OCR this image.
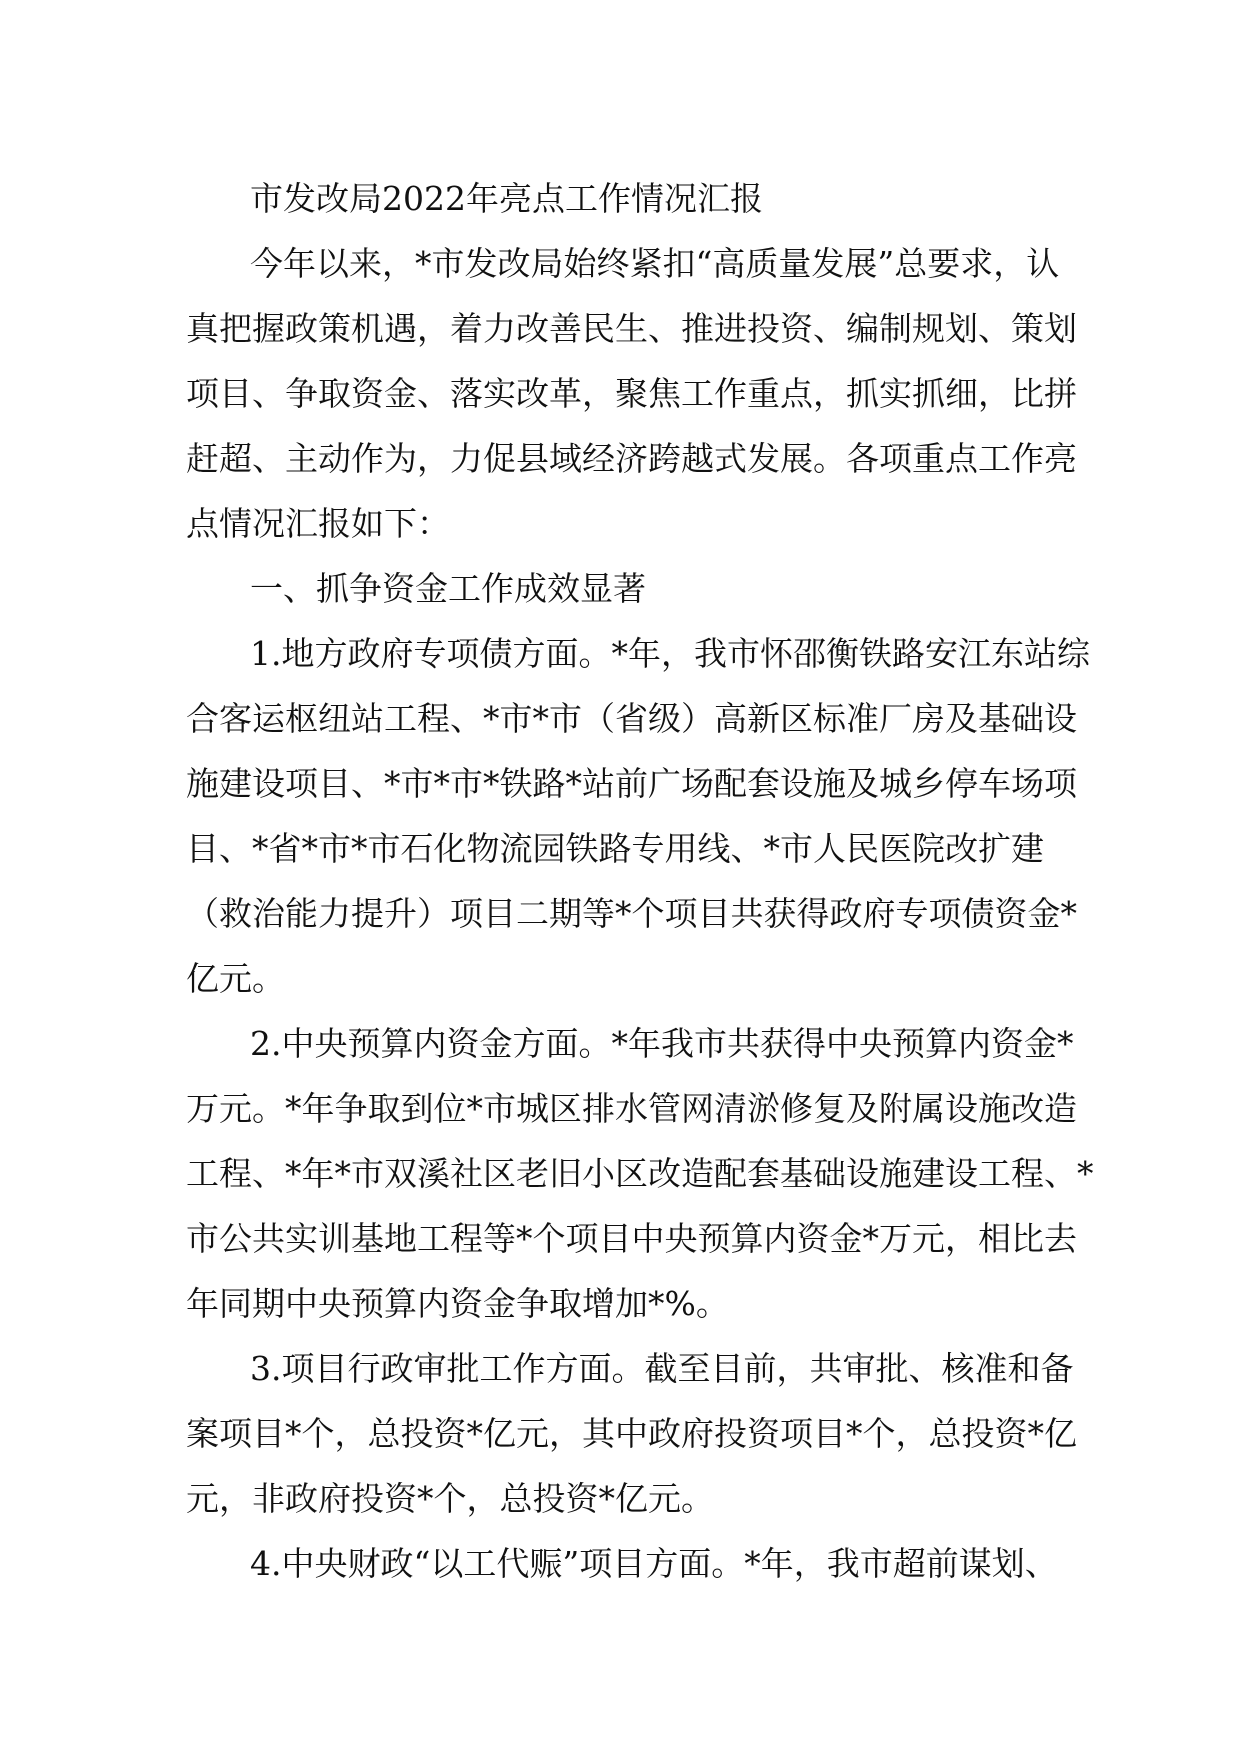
市发改局2022年亮点工作情况汇报
今年以来，*市发改局始终紧扣“高质量发展”总要求，认
真把握政策机遇，着力改善民生、推进投资、编制规划、策划
项目、争取资金、落实改革，聚焦工作重点，抓实抓细，比拼
赶超、主动作为，力促县域经济跨越式发展。各项重点工作亮
点情况汇报如下：
一、抓争资金工作成效显著
1.地方政府专项债方面。*年，我市怀邵衡铁路安江东站综
合客运枢纽站工程、*市*市（省级）高新区标准厂房及基础设
施建设项目、*市*市*铁路*站前广场配套设施及城乡停车场项
目、*省*市*市石化物流园铁路专用线、*市人民医院改扩建
（救治能力提升）项目二期等*个项目共获得政府专项债资金*
亿元。
2.中央预算内资金方面。*年我市共获得中央预算内资金*
万元。*年争取到位*市城区排水管网清淤修复及附属设施改造
工程、*年*市双溪社区老旧小区改造配套基础设施建设工程、*
市公共实训基地工程等*个项目中央预算内资金*万元，相比去
年同期中央预算内资金争取增加*%。
3.项目行政审批工作方面。截至目前，共审批、核准和备
案项目*个，总投资*亿元，其中政府投资项目*个，总投资*亿
元，非政府投资*个，总投资*亿元。
4.中央财政“以工代赈”项目方面。*年，我市超前谋划、
